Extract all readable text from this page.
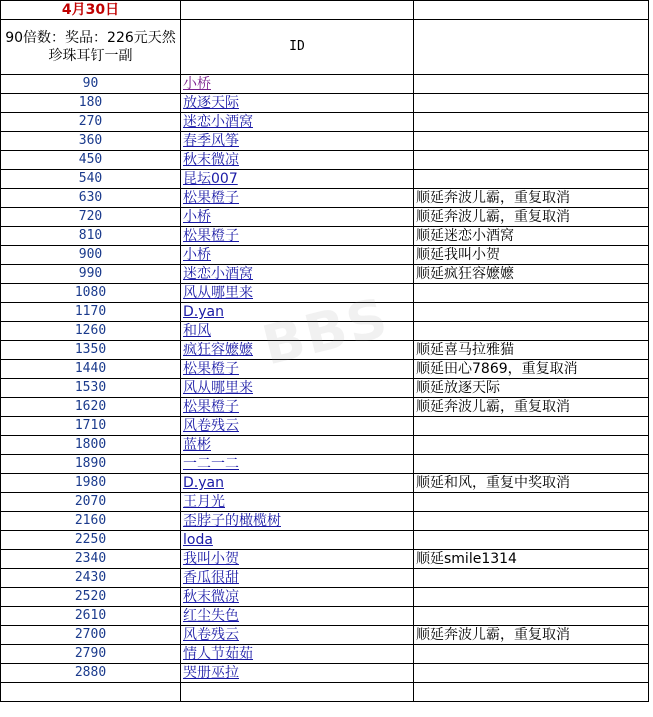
4月30日		
90倍数：奖品：226元天然珍珠耳钉一副	ID	
90	小桥	
180	放逐天际	
270	迷恋小酒窝	
360	春季风筝	
450	秋末微凉	
540	昆坛007	
630	松果橙子	顺延奔波儿霸，重复取消
720	小桥	顺延奔波儿霸，重复取消
810	松果橙子	顺延迷恋小酒窝
900	小桥	顺延我叫小贺
990	迷恋小酒窝	顺延疯狂容嬷嬷
1080	风从哪里来	
1170	D.yan	
1260	和风	
1350	疯狂容嬷嬷	顺延喜马拉雅猫
1440	松果橙子	顺延田心7869，重复取消
1530	风从哪里来	顺延放逐天际
1620	松果橙子	顺延奔波儿霸，重复取消
1710	风卷残云	
1800	蓝彬	
1890	一二一二	
1980	D.yan	顺延和风，重复中奖取消
2070	王月光	
2160	歪脖子的橄榄树	
2250	loda	
2340	我叫小贺	顺延smile1314
2430	香瓜很甜	
2520	秋末微凉	
2610	红尘失色	
2700	风卷残云	顺延奔波儿霸，重复取消
2790	情人节茹茹	
2880	哭册巫拉	

BBS
